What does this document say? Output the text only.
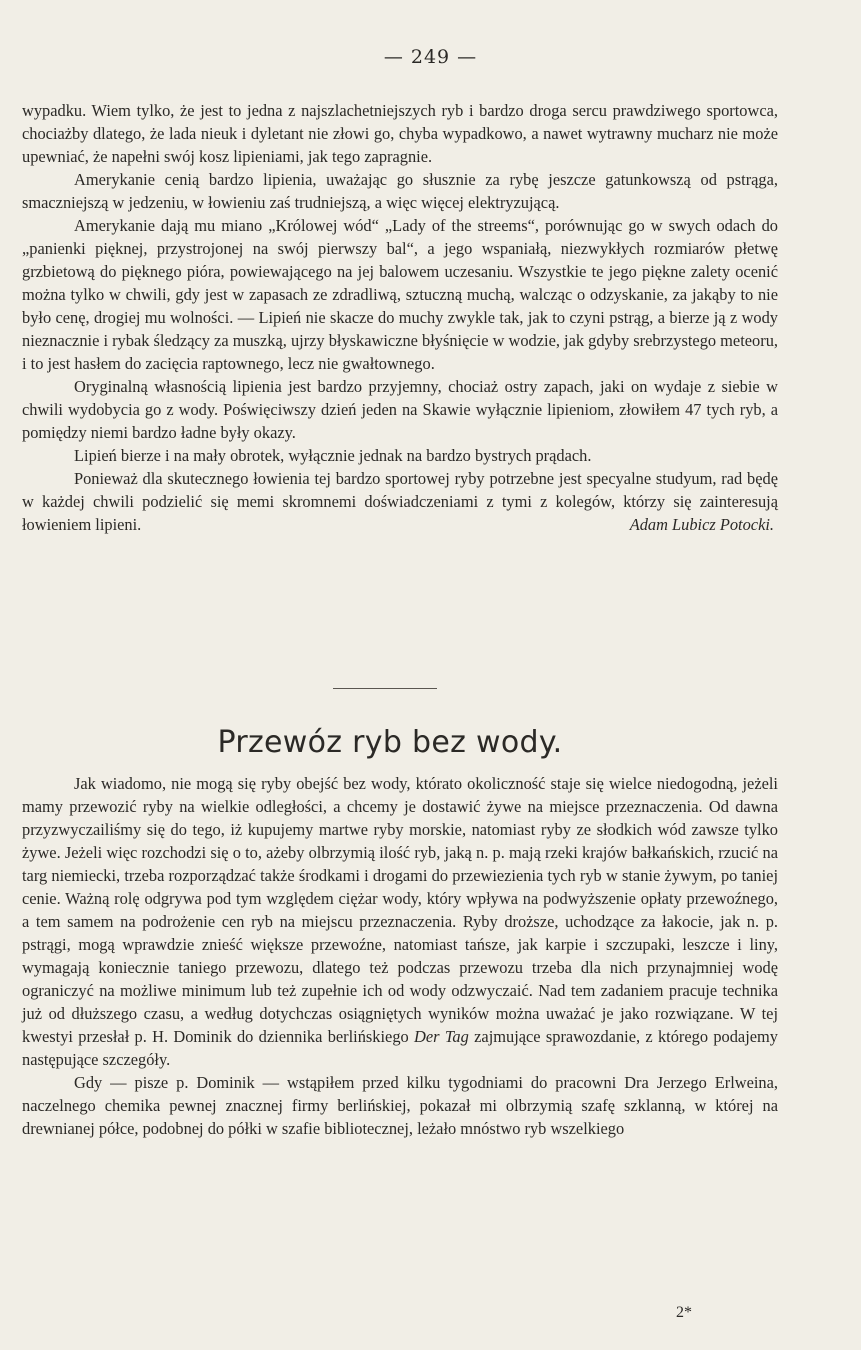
— 249 —

wypadku. Wiem tylko, że jest to jedna z najszlachetniejszych ryb i bardzo droga sercu prawdziwego sportowca, chociażby dlatego, że lada nieuk i dyletant nie złowi go, chyba wypadkowo, a nawet wytrawny mucharz nie może upewniać, że napełni swój kosz lipieniami, jak tego zapragnie.

Amerykanie cenią bardzo lipienia, uważając go słusznie za rybę jeszcze gatunkowszą od pstrąga, smaczniejszą w jedzeniu, w łowieniu zaś trudniejszą, a więc więcej elektryzującą.

Amerykanie dają mu miano „Królowej wód“ „Lady of the streems“, porównując go w swych odach do „panienki pięknej, przystrojonej na swój pierwszy bal“, a jego wspaniałą, niezwykłych rozmiarów płetwę grzbietową do pięknego pióra, powiewającego na jej balowem uczesaniu. Wszystkie te jego piękne zalety ocenić można tylko w chwili, gdy jest w zapasach ze zdradliwą, sztuczną muchą, walcząc o odzyskanie, za jakąby to nie było cenę, drogiej mu wolności. — Lipień nie skacze do muchy zwykle tak, jak to czyni pstrąg, a bierze ją z wody nieznacznie i rybak śledzący za muszką, ujrzy błyskawiczne błyśnięcie w wodzie, jak gdyby srebrzystego meteoru, i to jest hasłem do zacięcia raptownego, lecz nie gwałtownego.

Oryginalną własnością lipienia jest bardzo przyjemny, chociaż ostry zapach, jaki on wydaje z siebie w chwili wydobycia go z wody. Poświęciwszy dzień jeden na Skawie wyłącznie lipieniom, złowiłem 47 tych ryb, a pomiędzy niemi bardzo ładne były okazy.

Lipień bierze i na mały obrotek, wyłącznie jednak na bardzo bystrych prądach.

Ponieważ dla skutecznego łowienia tej bardzo sportowej ryby potrzebne jest specyalne studyum, rad będę w każdej chwili podzielić się memi skromnemi doświadczeniami z tymi z kolegów, którzy się zainteresują łowieniem lipieni.	Adam Lubicz Potocki.

Przewóz ryb bez wody.

Jak wiadomo, nie mogą się ryby obejść bez wody, którato okoliczność staje się wielce niedogodną, jeżeli mamy przewozić ryby na wielkie odległości, a chcemy je dostawić żywe na miejsce przeznaczenia. Od dawna przyzwyczailiśmy się do tego, iż kupujemy martwe ryby morskie, natomiast ryby ze słodkich wód zawsze tylko żywe. Jeżeli więc rozchodzi się o to, ażeby olbrzymią ilość ryb, jaką n. p. mają rzeki krajów bałkańskich, rzucić na targ niemiecki, trzeba rozporządzać także środkami i drogami do przewiezienia tych ryb w stanie żywym, po taniej cenie. Ważną rolę odgrywa pod tym względem ciężar wody, który wpływa na podwyższenie opłaty przewoźnego, a tem samem na podrożenie cen ryb na miejscu przeznaczenia. Ryby droższe, uchodzące za łakocie, jak n. p. pstrągi, mogą wprawdzie znieść większe przewoźne, natomiast tańsze, jak karpie i szczupaki, leszcze i liny, wymagają koniecznie taniego przewozu, dlatego też podczas przewozu trzeba dla nich przynajmniej wodę ograniczyć na możliwe minimum lub też zupełnie ich od wody odzwyczaić. Nad tem zadaniem pracuje technika już od dłuższego czasu, a według dotychczas osiągniętych wyników można uważać je jako rozwiązane. W tej kwestyi przesłał p. H. Dominik do dziennika berlińskiego Der Tag zajmujące sprawozdanie, z którego podajemy następujące szczegóły.

Gdy — pisze p. Dominik — wstąpiłem przed kilku tygodniami do pracowni Dra Jerzego Erlweina, naczelnego chemika pewnej znacznej firmy berlińskiej, pokazał mi olbrzymią szafę szklanną, w której na drewnianej półce, podobnej do półki w szafie bibliotecznej, leżało mnóstwo ryb wszelkiego

2*
